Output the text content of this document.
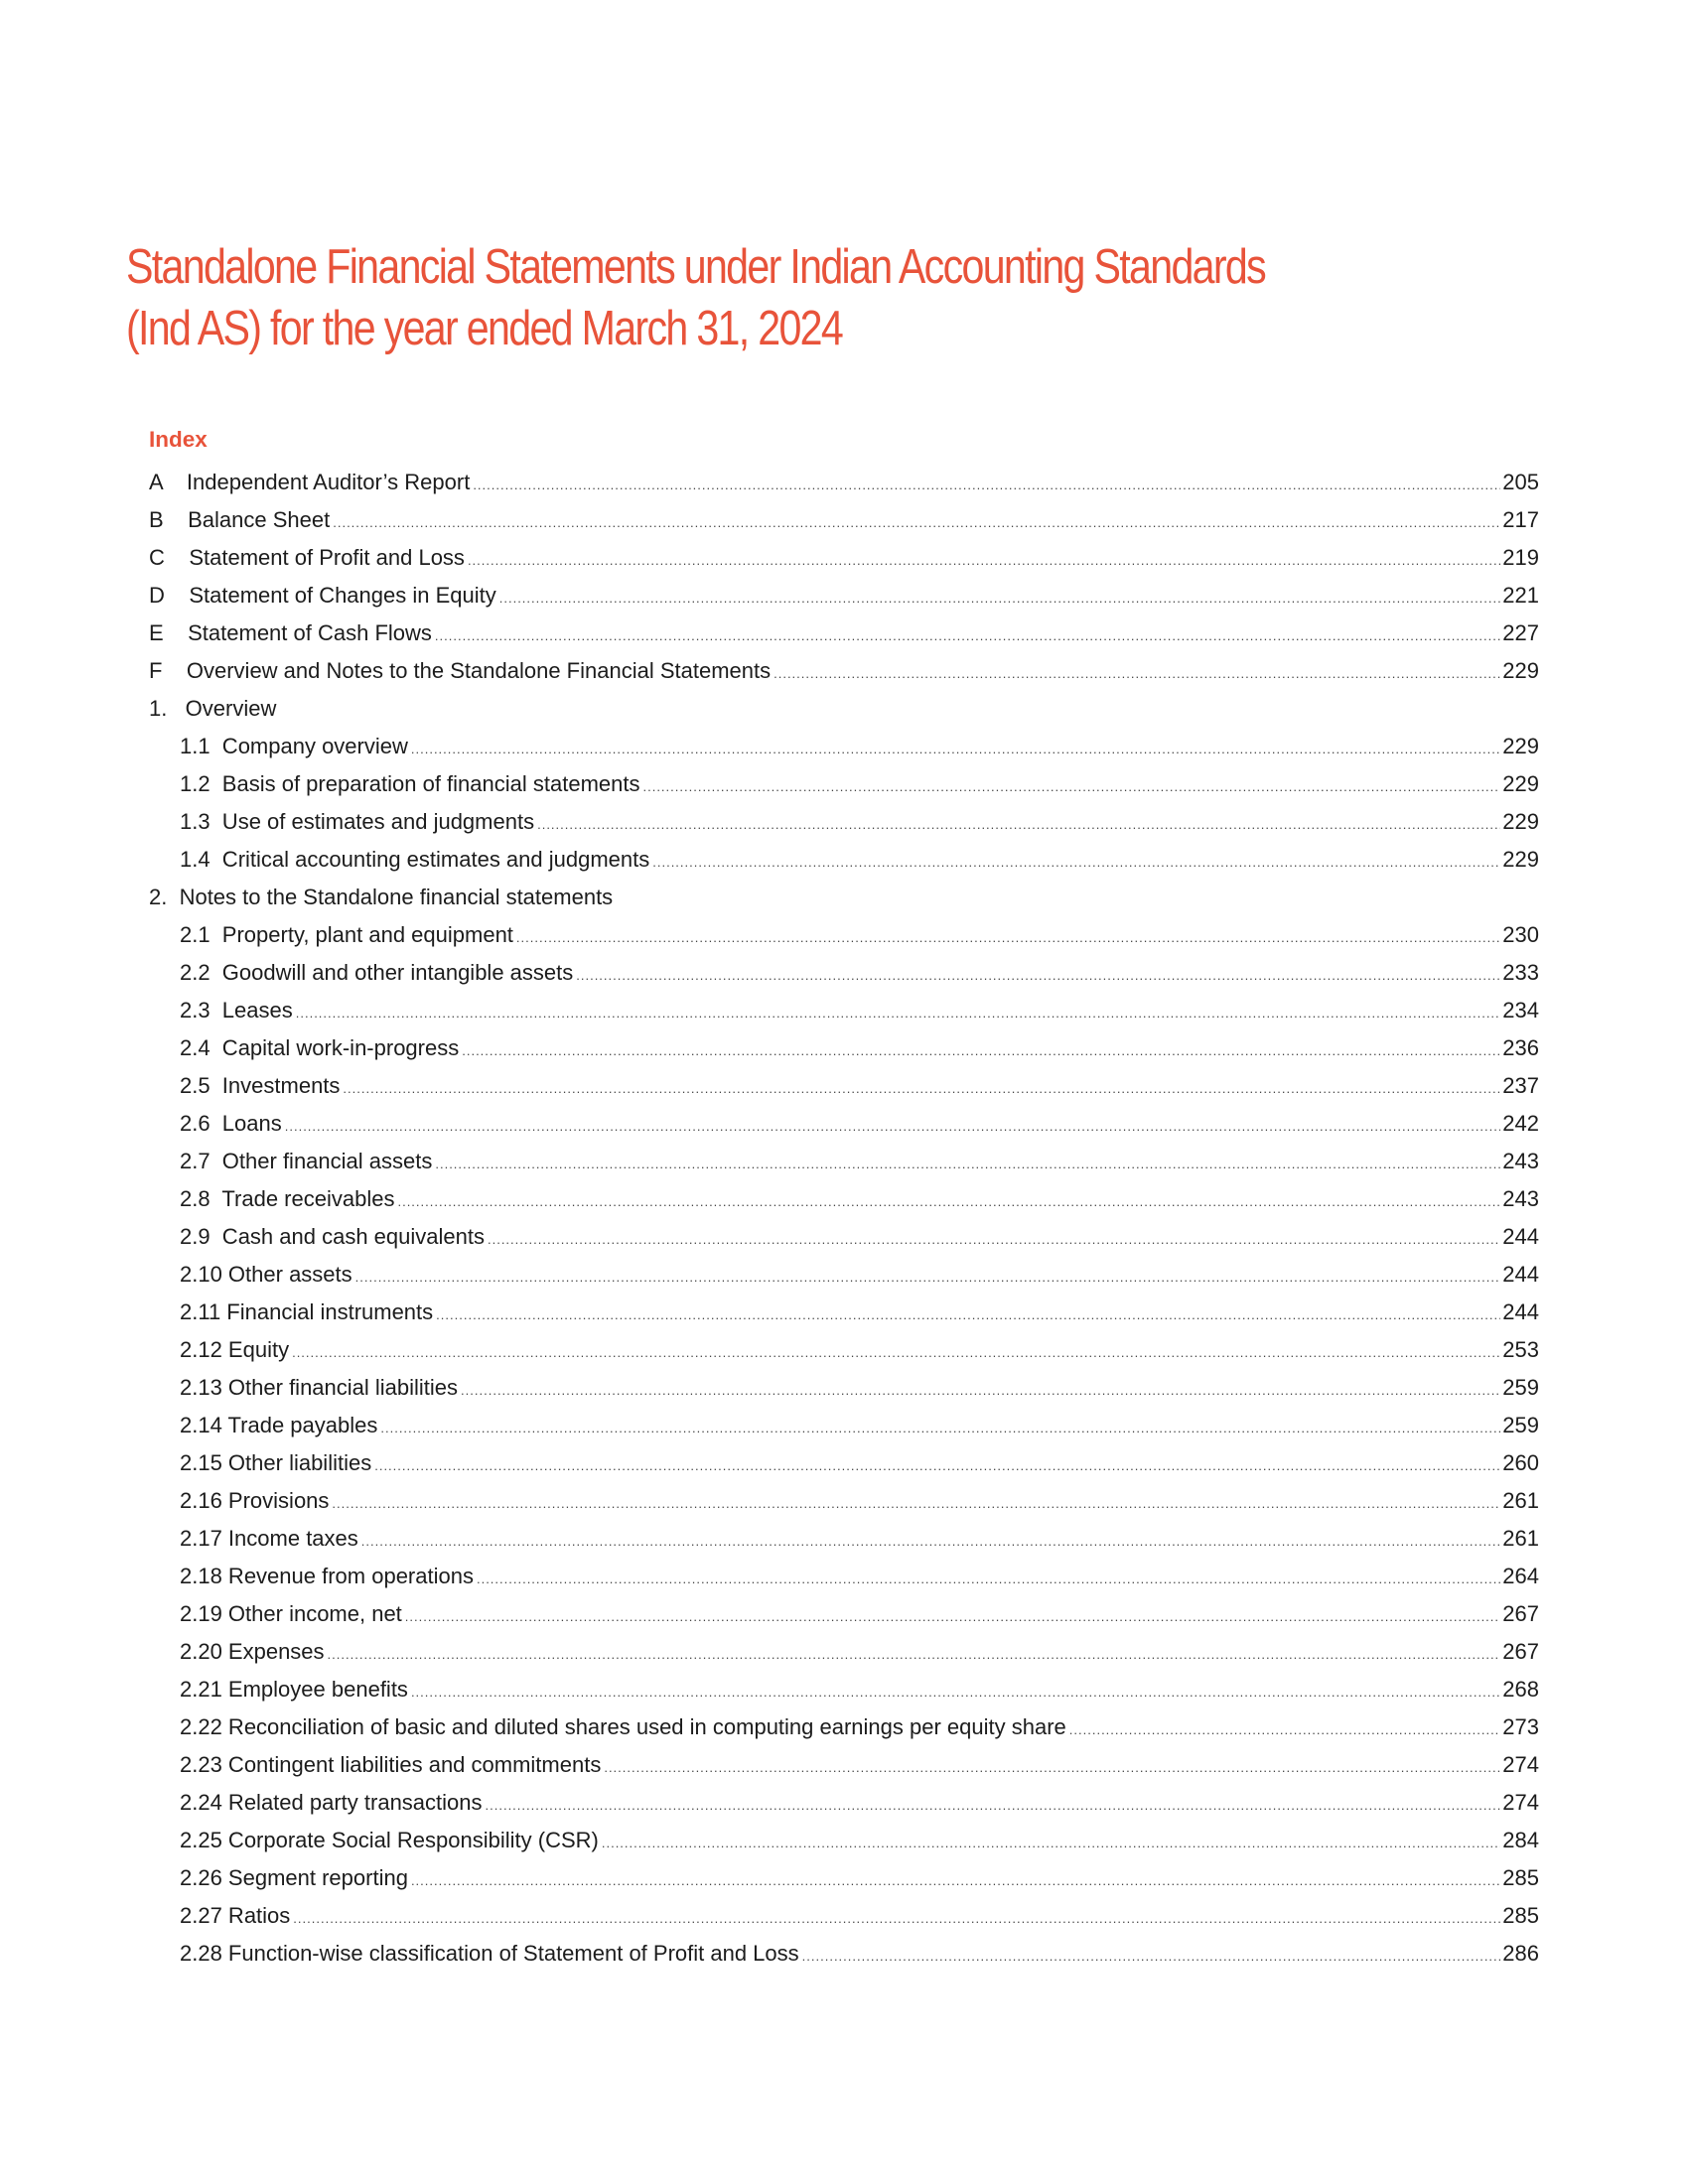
Standalone Financial Statements under Indian Accounting Standards (Ind AS) for the year ended March 31, 2024
Index
A    Independent Auditor’s Report .....	205
B    Balance Sheet .....	217
C    Statement of Profit and Loss .....	219
D    Statement of Changes in Equity .....	221
E    Statement of Cash Flows .....	227
F    Overview and Notes to the Standalone Financial Statements .....	229
1.   Overview
1.1  Company overview .....	229
1.2  Basis of preparation of financial statements .....	229
1.3  Use of estimates and judgments .....	229
1.4  Critical accounting estimates and judgments .....	229
2.  Notes to the Standalone financial statements
2.1  Property, plant and equipment .....	230
2.2  Goodwill and other intangible assets .....	233
2.3  Leases .....	234
2.4  Capital work-in-progress .....	236
2.5  Investments .....	237
2.6  Loans .....	242
2.7  Other financial assets .....	243
2.8  Trade receivables .....	243
2.9  Cash and cash equivalents .....	244
2.10 Other assets .....	244
2.11 Financial instruments .....	244
2.12 Equity .....	253
2.13 Other financial liabilities .....	259
2.14 Trade payables .....	259
2.15 Other liabilities .....	260
2.16 Provisions .....	261
2.17 Income taxes .....	261
2.18 Revenue from operations .....	264
2.19 Other income, net .....	267
2.20 Expenses .....	267
2.21 Employee benefits .....	268
2.22 Reconciliation of basic and diluted shares used in computing earnings per equity share .....	273
2.23 Contingent liabilities and commitments .....	274
2.24 Related party transactions .....	274
2.25 Corporate Social Responsibility (CSR) .....	284
2.26 Segment reporting .....	285
2.27 Ratios .....	285
2.28 Function-wise classification of Statement of Profit and Loss .....	286
